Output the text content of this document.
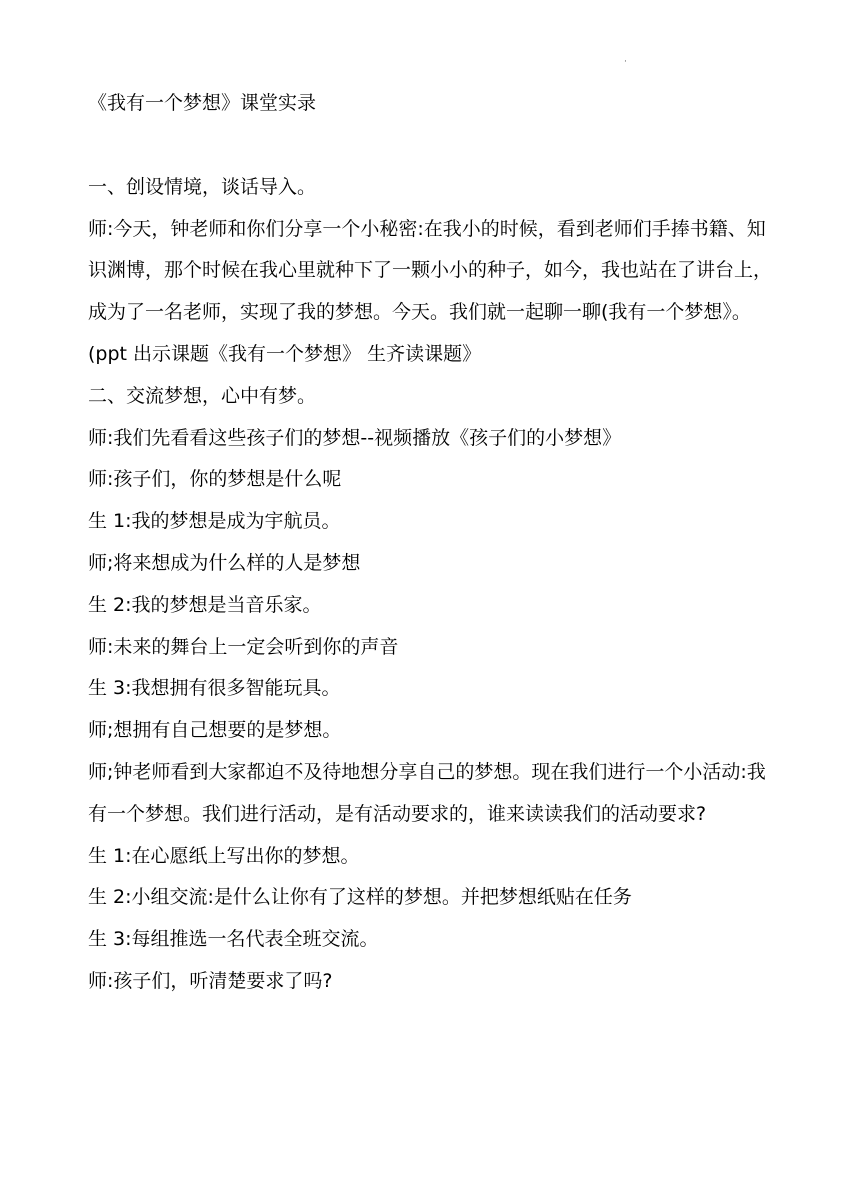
·

《我有一个梦想》课堂实录

一、创设情境，谈话导入。

师:今天，钟老师和你们分享一个小秘密:在我小的时候，看到老师们手捧书籍、知识渊博，那个时候在我心里就种下了一颗小小的种子，如今，我也站在了讲台上，成为了一名老师，实现了我的梦想。今天。我们就一起聊一聊(我有一个梦想》。

(ppt 出示课题《我有一个梦想》 生齐读课题》

二、交流梦想，心中有梦。

师:我们先看看这些孩子们的梦想--视频播放《孩子们的小梦想》

师:孩子们，你的梦想是什么呢

生 1:我的梦想是成为宇航员。

师;将来想成为什么样的人是梦想

生 2:我的梦想是当音乐家。

师:未来的舞台上一定会听到你的声音

生 3:我想拥有很多智能玩具。

师;想拥有自己想要的是梦想。

师;钟老师看到大家都迫不及待地想分享自己的梦想。现在我们进行一个小活动:我有一个梦想。我们进行活动，是有活动要求的，谁来读读我们的活动要求?

生 1:在心愿纸上写出你的梦想。

生 2:小组交流:是什么让你有了这样的梦想。并把梦想纸贴在任务

生 3:每组推选一名代表全班交流。

师:孩子们，听清楚要求了吗?
